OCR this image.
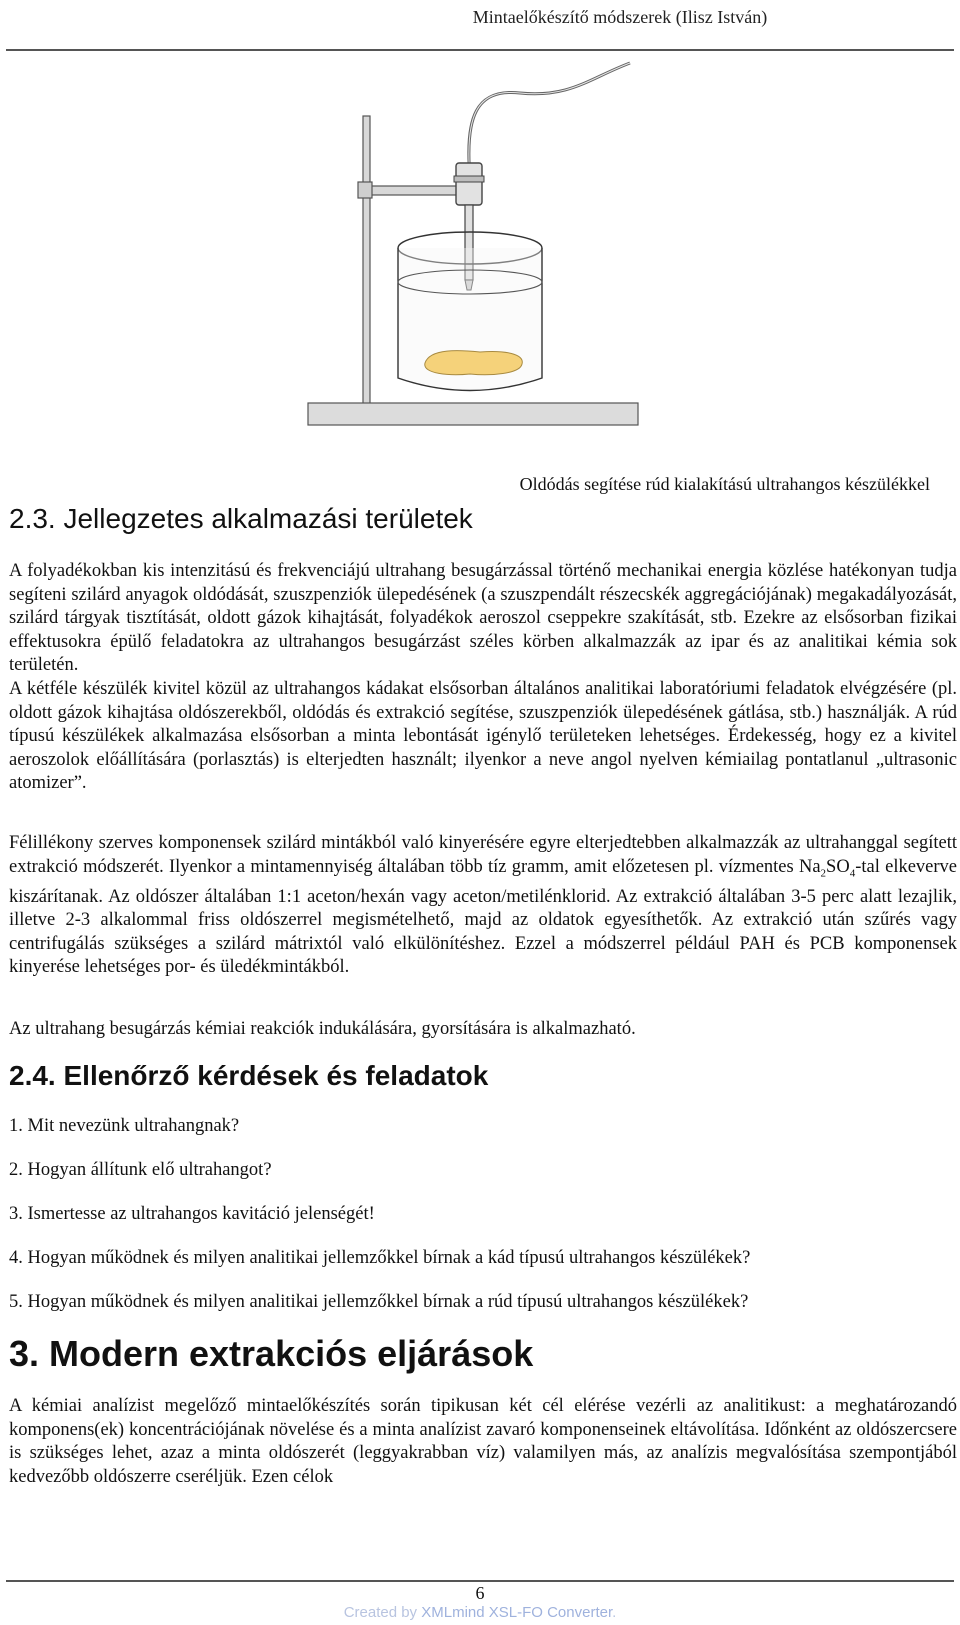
Mintaelőkészítő módszerek (Ilisz István)
Oldódás segítése rúd kialakítású ultrahangos készülékkel
2.3. Jellegzetes alkalmazási területek

A folyadékokban kis intenzitású és frekvenciájú ultrahang besugárzással történő mechanikai energia közlése hatékonyan tudja segíteni szilárd anyagok oldódását, szuszpenziók ülepedésének (a szuszpendált részecskék aggregációjának) megakadályozását, szilárd tárgyak tisztítását, oldott gázok kihajtását, folyadékok aeroszol cseppekre szakítását, stb. Ezekre az elsősorban fizikai effektusokra épülő feladatokra az ultrahangos besugárzást széles körben alkalmazzák az ipar és az analitikai kémia sok területén.

A kétféle készülék kivitel közül az ultrahangos kádakat elsősorban általános analitikai laboratóriumi feladatok elvégzésére (pl. oldott gázok kihajtása oldószerekből, oldódás és extrakció segítése, szuszpenziók ülepedésének gátlása, stb.) használják. A rúd típusú készülékek alkalmazása elsősorban a minta lebontását igénylő területeken lehetséges. Érdekesség, hogy ez a kivitel aeroszolok előállítására (porlasztás) is elterjedten használt; ilyenkor a neve angol nyelven kémiailag pontatlanul „ultrasonic atomizer”.

Félillékony szerves komponensek szilárd mintákból való kinyerésére egyre elterjedtebben alkalmazzák az ultrahanggal segített extrakció módszerét. Ilyenkor a mintamennyiség általában több tíz gramm, amit előzetesen pl. vízmentes $Na_2SO_4$-tal elkeverve kiszárítanak. Az oldószer általában 1:1 aceton/hexán vagy aceton/metilénklorid. Az extrakció általában 3-5 perc alatt lezajlik, illetve 2-3 alkalommal friss oldószerrel megismételhető, majd az oldatok egyesíthetők. Az extrakció után szűrés vagy centrifugálás szükséges a szilárd mátrixtól való elkülönítéshez. Ezzel a módszerrel például PAH és PCB komponensek kinyerése lehetséges por- és üledékmintákból.

Az ultrahang besugárzás kémiai reakciók indukálására, gyorsítására is alkalmazható.

2.4. Ellenőrző kérdések és feladatok

1. Mit nevezünk ultrahangnak?

2. Hogyan állítunk elő ultrahangot?

3. Ismertesse az ultrahangos kavitáció jelenségét!

4. Hogyan működnek és milyen analitikai jellemzőkkel bírnak a kád típusú ultrahangos készülékek?

5. Hogyan működnek és milyen analitikai jellemzőkkel bírnak a rúd típusú ultrahangos készülékek?

3. Modern extrakciós eljárások

A kémiai analízist megelőző mintaelőkészítés során tipikusan két cél elérése vezérli az analitikust: a meghatározandó komponens(ek) koncentrációjának növelése és a minta analízist zavaró komponenseinek eltávolítása. Időnként az oldószercsere is szükséges lehet, azaz a minta oldószerét (leggyakrabban víz) valamilyen más, az analízis megvalósítása szempontjából kedvezőbb oldószerre cseréljük. Ezen célok

6
Created by XMLmind XSL-FO Converter.
